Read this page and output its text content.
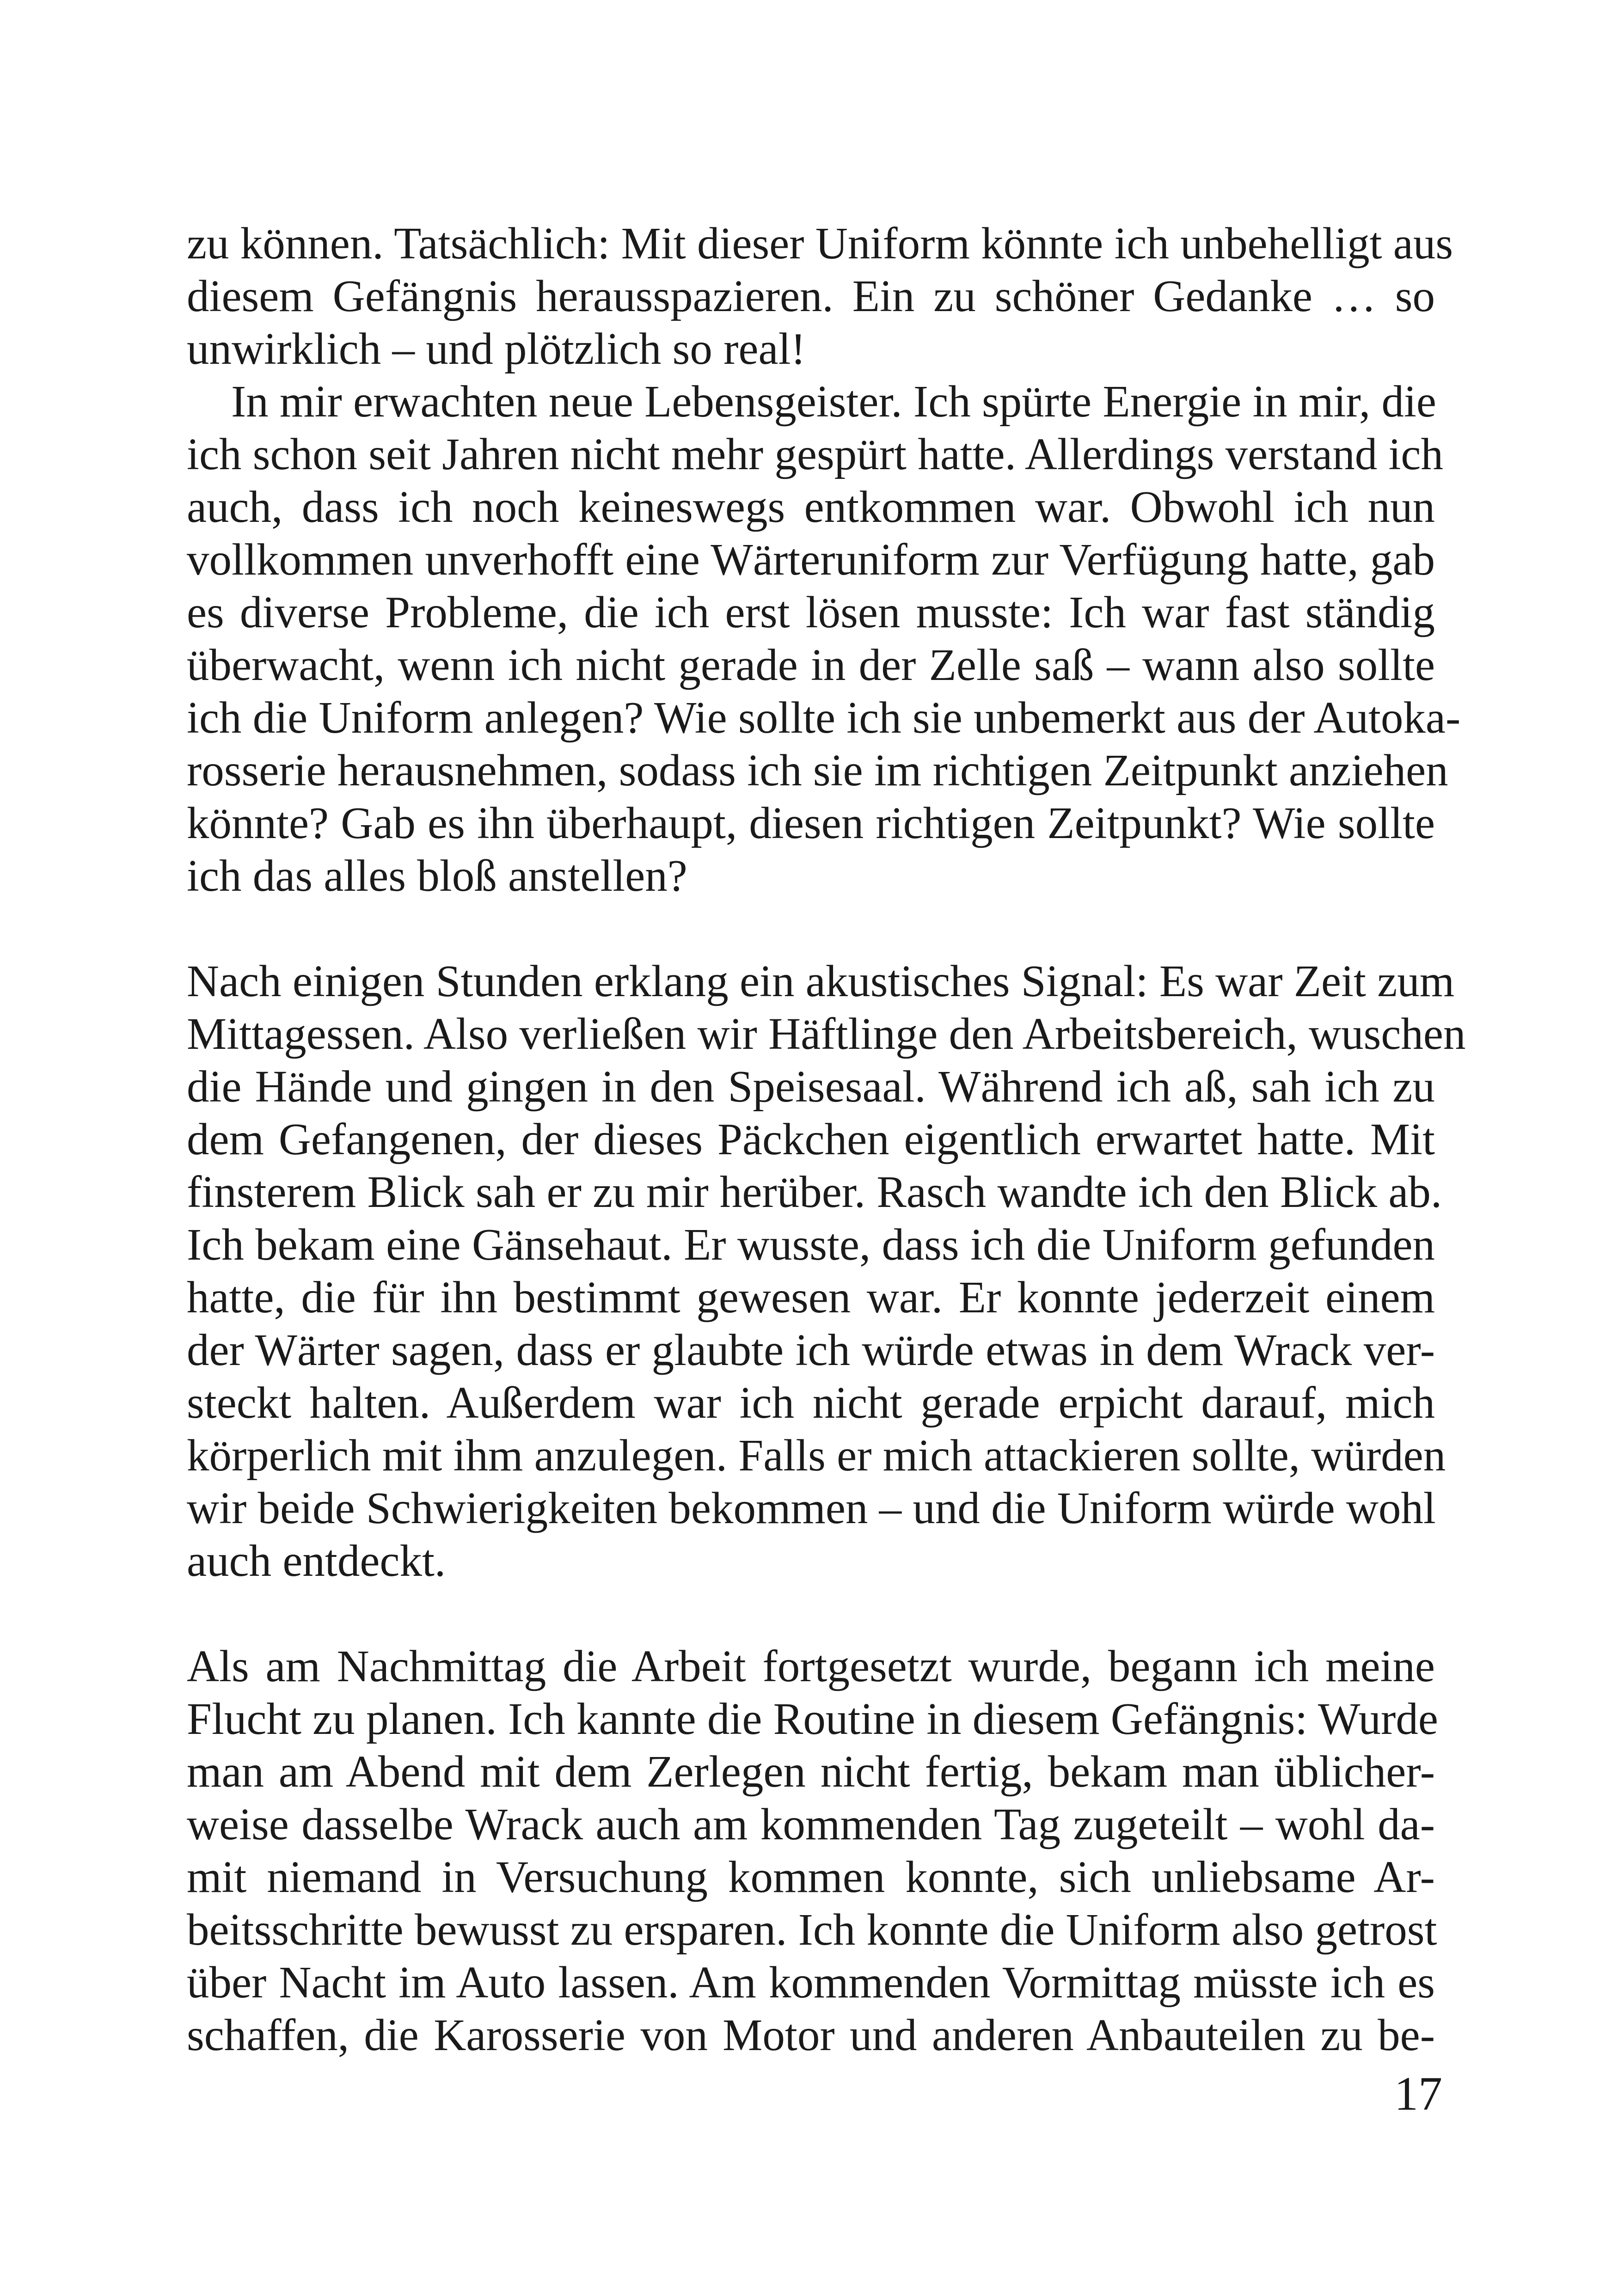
zu können. Tatsächlich: Mit dieser Uniform könnte ich unbehelligt aus
diesem Gefängnis herausspazieren. Ein zu schöner Gedanke … so
unwirklich – und plötzlich so real!
In mir erwachten neue Lebensgeister. Ich spürte Energie in mir, die
ich schon seit Jahren nicht mehr gespürt hatte. Allerdings verstand ich
auch, dass ich noch keineswegs entkommen war. Obwohl ich nun
vollkommen unverhofft eine Wärteruniform zur Verfügung hatte, gab
es diverse Probleme, die ich erst lösen musste: Ich war fast ständig
überwacht, wenn ich nicht gerade in der Zelle saß – wann also sollte
ich die Uniform anlegen? Wie sollte ich sie unbemerkt aus der Autoka-
rosserie herausnehmen, sodass ich sie im richtigen Zeitpunkt anziehen
könnte? Gab es ihn überhaupt, diesen richtigen Zeitpunkt? Wie sollte
ich das alles bloß anstellen?
Nach einigen Stunden erklang ein akustisches Signal: Es war Zeit zum
Mittagessen. Also verließen wir Häftlinge den Arbeitsbereich, wuschen
die Hände und gingen in den Speisesaal. Während ich aß, sah ich zu
dem Gefangenen, der dieses Päckchen eigentlich erwartet hatte. Mit
finsterem Blick sah er zu mir herüber. Rasch wandte ich den Blick ab.
Ich bekam eine Gänsehaut. Er wusste, dass ich die Uniform gefunden
hatte, die für ihn bestimmt gewesen war. Er konnte jederzeit einem
der Wärter sagen, dass er glaubte ich würde etwas in dem Wrack ver-
steckt halten. Außerdem war ich nicht gerade erpicht darauf, mich
körperlich mit ihm anzulegen. Falls er mich attackieren sollte, würden
wir beide Schwierigkeiten bekommen – und die Uniform würde wohl
auch entdeckt.
Als am Nachmittag die Arbeit fortgesetzt wurde, begann ich meine
Flucht zu planen. Ich kannte die Routine in diesem Gefängnis: Wurde
man am Abend mit dem Zerlegen nicht fertig, bekam man üblicher-
weise dasselbe Wrack auch am kommenden Tag zugeteilt – wohl da-
mit niemand in Versuchung kommen konnte, sich unliebsame Ar-
beitsschritte bewusst zu ersparen. Ich konnte die Uniform also getrost
über Nacht im Auto lassen. Am kommenden Vormittag müsste ich es
schaffen, die Karosserie von Motor und anderen Anbauteilen zu be-
17
